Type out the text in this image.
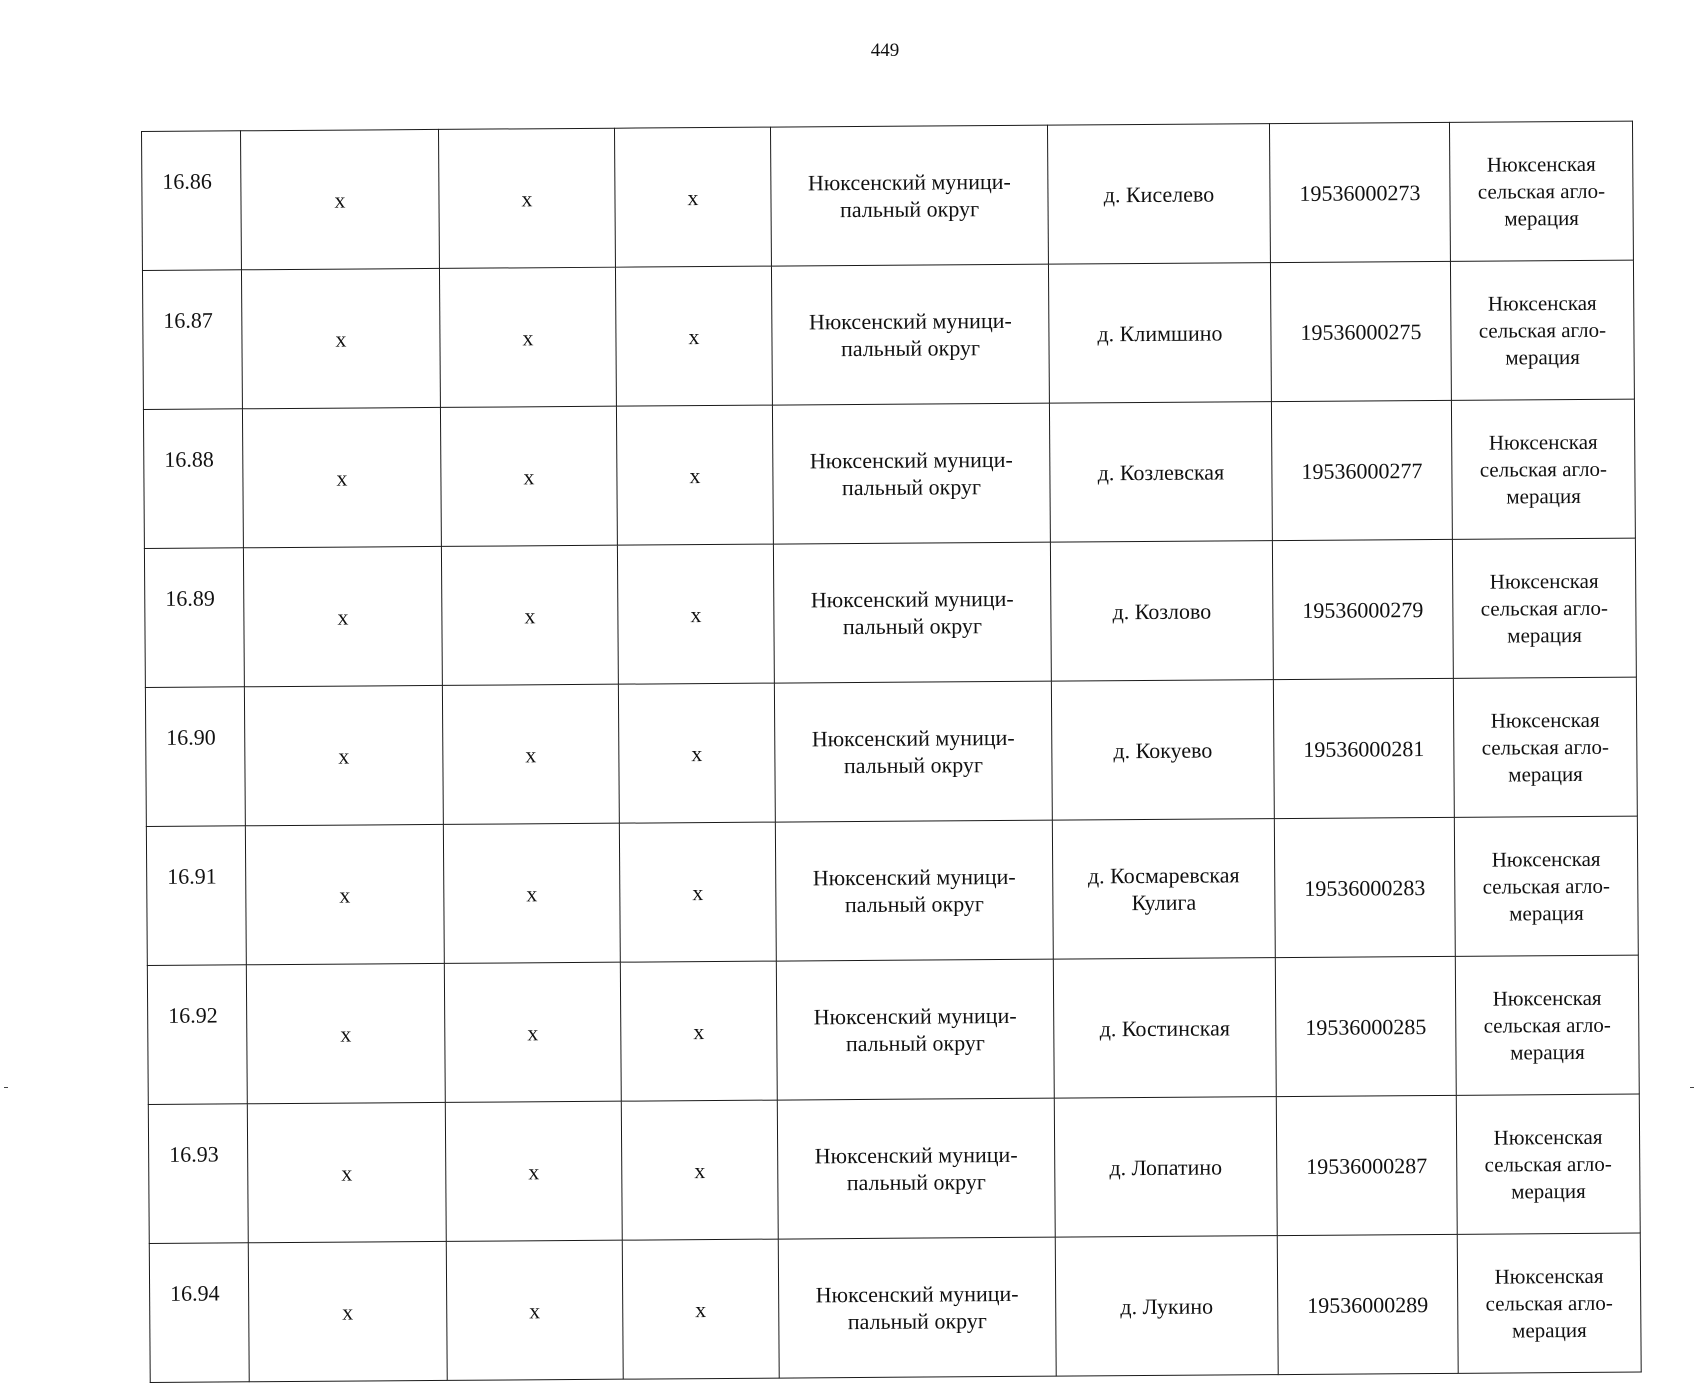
449
16.86	х	х	х	Нюксенский муници-
пальный округ	д. Киселево	19536000273	Нюксенская
сельская агло-
мерация
16.87	х	х	х	Нюксенский муници-
пальный округ	д. Климшино	19536000275	Нюксенская
сельская агло-
мерация
16.88	х	х	х	Нюксенский муници-
пальный округ	д. Козлевская	19536000277	Нюксенская
сельская агло-
мерация
16.89	х	х	х	Нюксенский муници-
пальный округ	д. Козлово	19536000279	Нюксенская
сельская агло-
мерация
16.90	х	х	х	Нюксенский муници-
пальный округ	д. Кокуево	19536000281	Нюксенская
сельская агло-
мерация
16.91	х	х	х	Нюксенский муници-
пальный округ	д. Космаревская
Кулига	19536000283	Нюксенская
сельская агло-
мерация
16.92	х	х	х	Нюксенский муници-
пальный округ	д. Костинская	19536000285	Нюксенская
сельская агло-
мерация
16.93	х	х	х	Нюксенский муници-
пальный округ	д. Лопатино	19536000287	Нюксенская
сельская агло-
мерация
16.94	х	х	х	Нюксенский муници-
пальный округ	д. Лукино	19536000289	Нюксенская
сельская агло-
мерация
